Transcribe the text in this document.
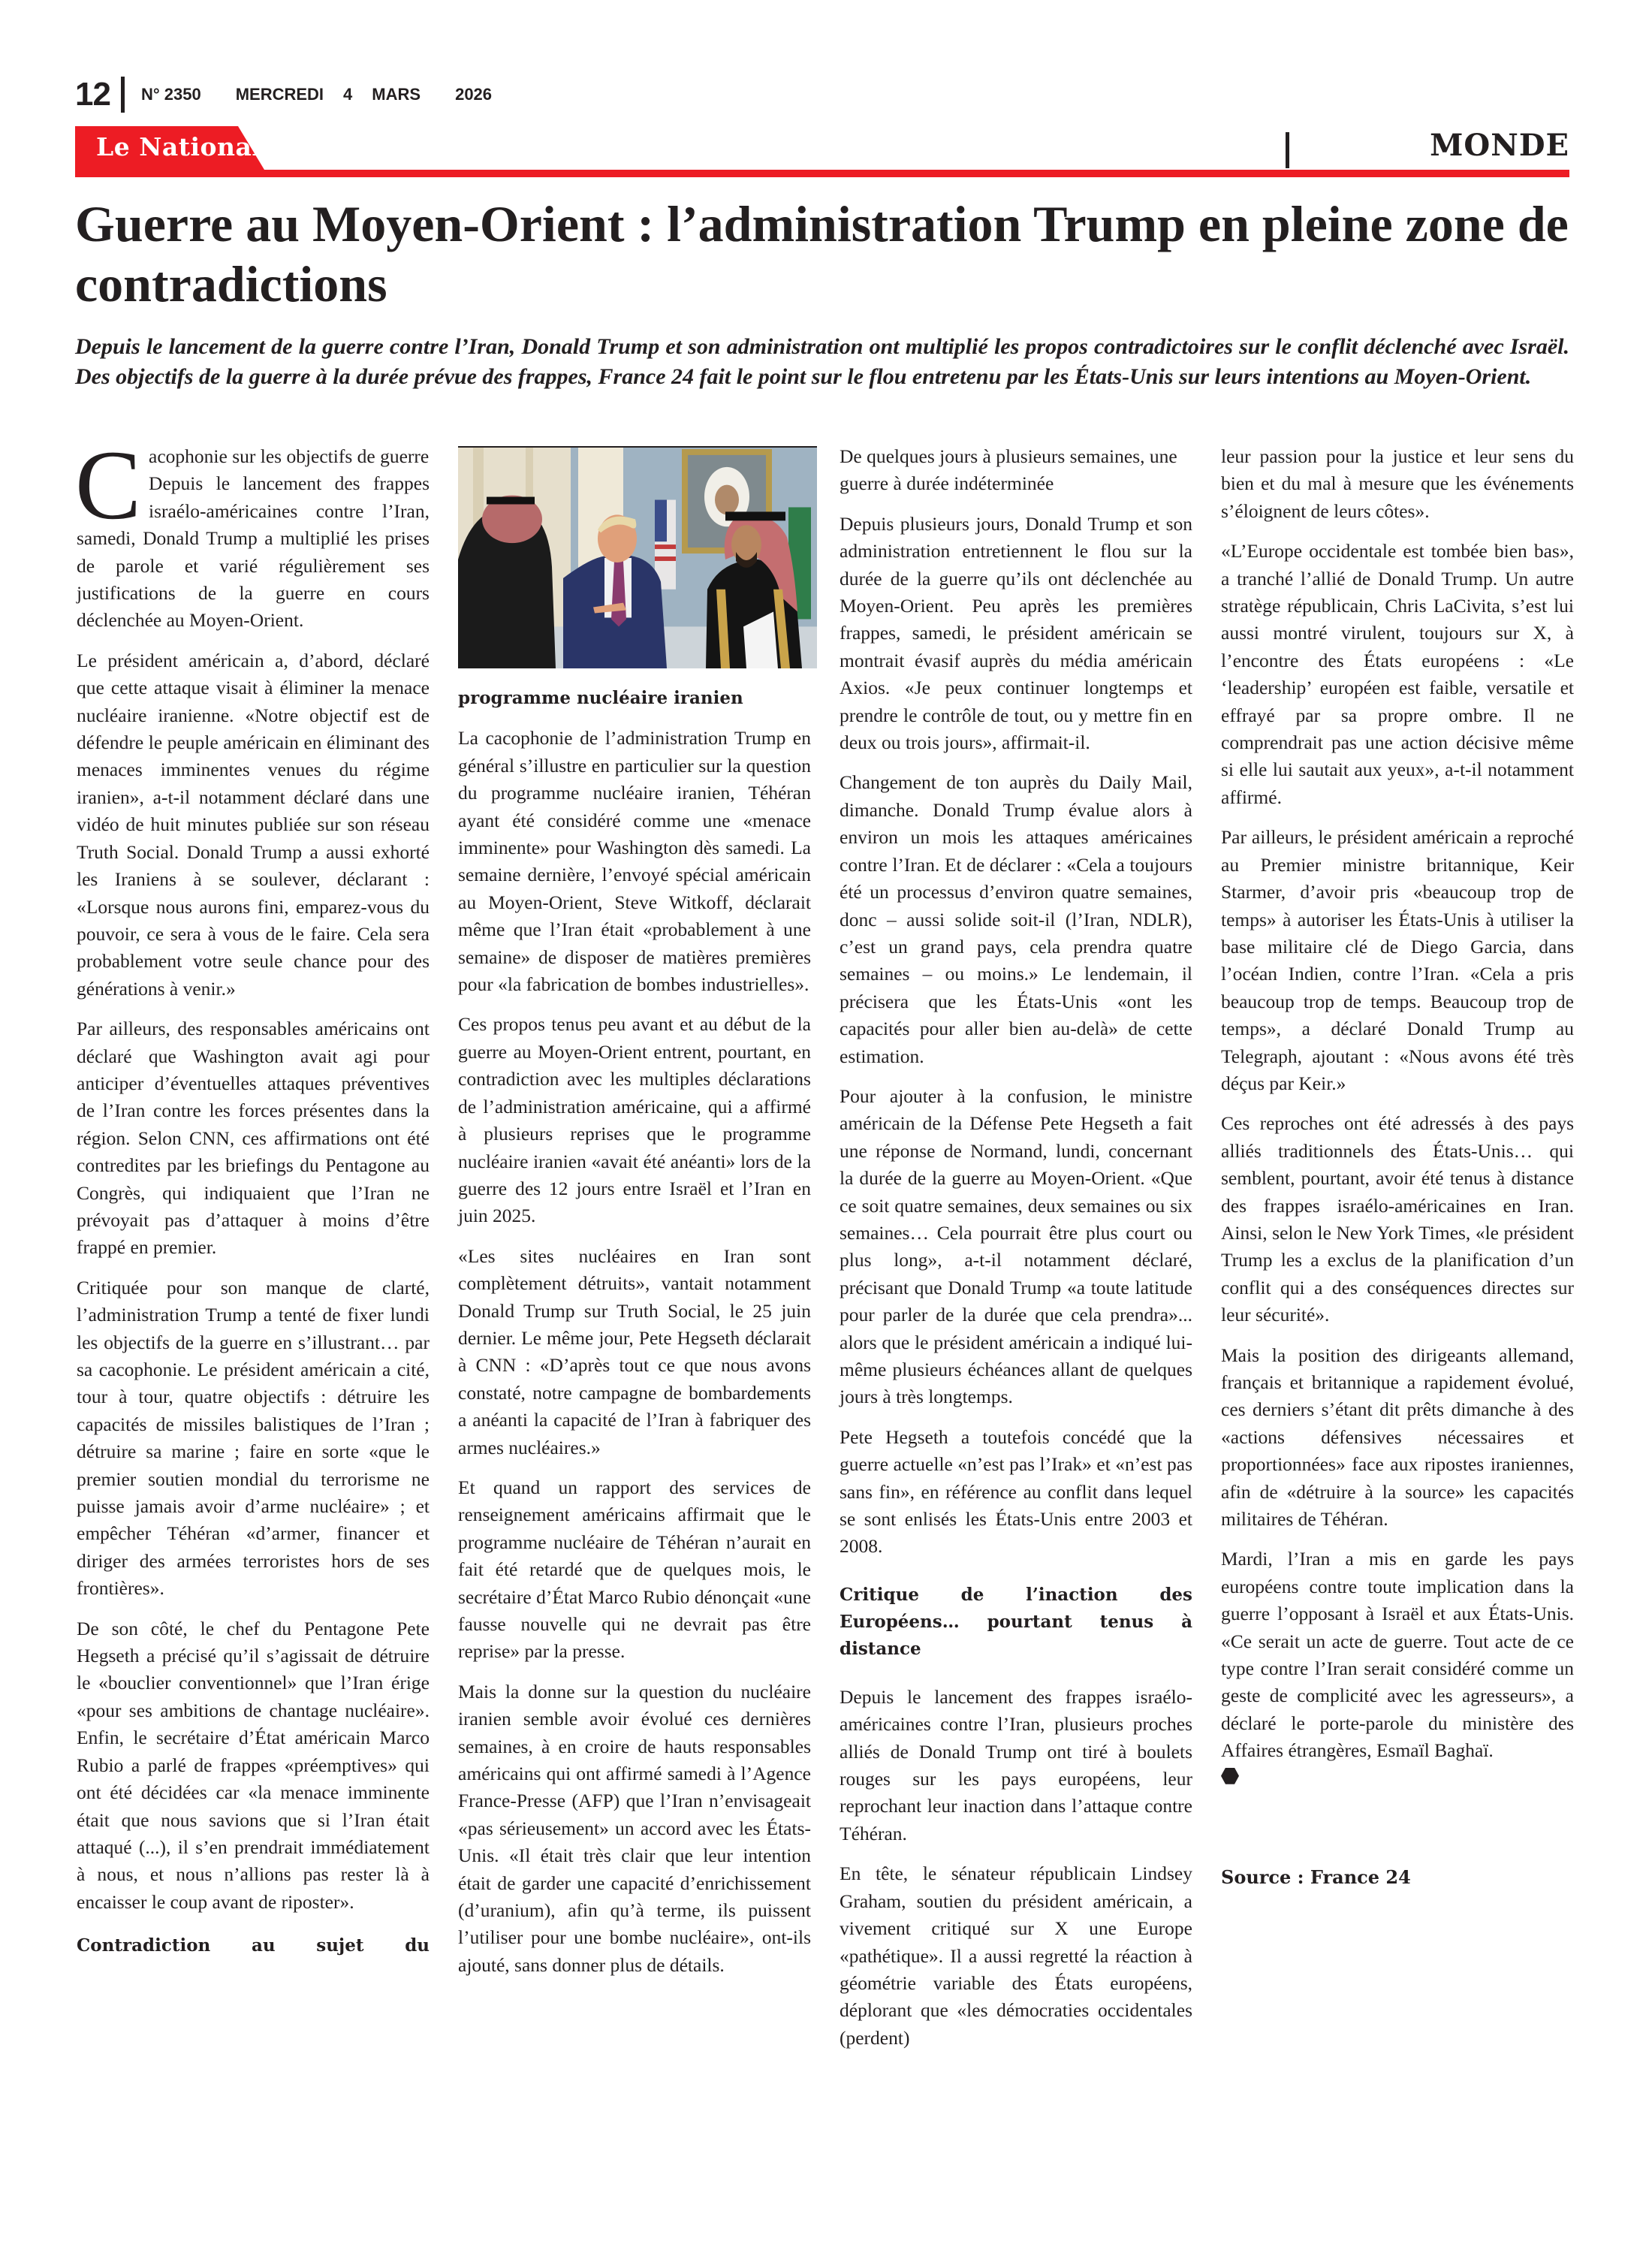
12 N° 2350 MERCREDI 4 MARS 2026
Le National	MONDE
Guerre au Moyen-Orient : l’administration Trump en pleine zone de contradictions

Depuis le lancement de la guerre contre l’Iran, Donald Trump et son administration ont multiplié les propos contradictoires sur le conflit déclenché avec Israël. Des objectifs de la guerre à la durée prévue des frappes, France 24 fait le point sur le flou entretenu par les États-Unis sur leurs intentions au Moyen-Orient.

C acophonie sur les objectifs de guerre

Depuis le lancement des frappes israélo-américaines contre l’Iran, samedi, Donald Trump a multiplié les prises de parole et varié régulièrement ses justifications de la guerre en cours déclenchée au Moyen-Orient.

Le président américain a, d’abord, déclaré que cette attaque visait à éliminer la menace nucléaire iranienne. «Notre objectif est de défendre le peuple américain en éliminant des menaces imminentes venues du régime iranien», a-t-il notamment déclaré dans une vidéo de huit minutes publiée sur son réseau Truth Social. Donald Trump a aussi exhorté les Iraniens à se soulever, déclarant : «Lorsque nous aurons fini, emparez-vous du pouvoir, ce sera à vous de le faire. Cela sera probablement votre seule chance pour des générations à venir.»

Par ailleurs, des responsables américains ont déclaré que Washington avait agi pour anticiper d’éventuelles attaques préventives de l’Iran contre les forces présentes dans la région. Selon CNN, ces affirmations ont été contredites par les briefings du Pentagone au Congrès, qui indiquaient que l’Iran ne prévoyait pas d’attaquer à moins d’être frappé en premier.

Critiquée pour son manque de clarté, l’administration Trump a tenté de fixer lundi les objectifs de la guerre en s’illustrant… par sa cacophonie. Le président américain a cité, tour à tour, quatre objectifs : détruire les capacités de missiles balistiques de l’Iran ; détruire sa marine ; faire en sorte «que le premier soutien mondial du terrorisme ne puisse jamais avoir d’arme nucléaire» ; et empêcher Téhéran «d’armer, financer et diriger des armées terroristes hors de ses frontières».

De son côté, le chef du Pentagone Pete Hegseth a précisé qu’il s’agissait de détruire le «bouclier conventionnel» que l’Iran érige «pour ses ambitions de chantage nucléaire». Enfin, le secrétaire d’État américain Marco Rubio a parlé de frappes «préemptives» qui ont été décidées car «la menace imminente était que nous savions que si l’Iran était attaqué (...), il s’en prendrait immédiatement à nous, et nous n’allions pas rester là à encaisser le coup avant de riposter».

Contradiction au sujet du

programme nucléaire iranien

La cacophonie de l’administration Trump en général s’illustre en particulier sur la question du programme nucléaire iranien, Téhéran ayant été considéré comme une «menace imminente» pour Washington dès samedi. La semaine dernière, l’envoyé spécial américain au Moyen-Orient, Steve Witkoff, déclarait même que l’Iran était «probablement à une semaine» de disposer de matières premières pour «la fabrication de bombes industrielles».

Ces propos tenus peu avant et au début de la guerre au Moyen-Orient entrent, pourtant, en contradiction avec les multiples déclarations de l’administration américaine, qui a affirmé à plusieurs reprises que le programme nucléaire iranien «avait été anéanti» lors de la guerre des 12 jours entre Israël et l’Iran en juin 2025.

«Les sites nucléaires en Iran sont complètement détruits», vantait notamment Donald Trump sur Truth Social, le 25 juin dernier. Le même jour, Pete Hegseth déclarait à CNN : «D’après tout ce que nous avons constaté, notre campagne de bombardements a anéanti la capacité de l’Iran à fabriquer des armes nucléaires.»

Et quand un rapport des services de renseignement américains affirmait que le programme nucléaire de Téhéran n’aurait en fait été retardé que de quelques mois, le secrétaire d’État Marco Rubio dénonçait «une fausse nouvelle qui ne devrait pas être reprise» par la presse.

Mais la donne sur la question du nucléaire iranien semble avoir évolué ces dernières semaines, à en croire de hauts responsables américains qui ont affirmé samedi à l’Agence France-Presse (AFP) que l’Iran n’envisageait «pas sérieusement» un accord avec les États-Unis. «Il était très clair que leur intention était de garder une capacité d’enrichissement (d’uranium), afin qu’à terme, ils puissent l’utiliser pour une bombe nucléaire», ont-ils ajouté, sans donner plus de détails.

De quelques jours à plusieurs semaines, une guerre à durée indéterminée

Depuis plusieurs jours, Donald Trump et son administration entretiennent le flou sur la durée de la guerre qu’ils ont déclenchée au Moyen-Orient. Peu après les premières frappes, samedi, le président américain se montrait évasif auprès du média américain Axios. «Je peux continuer longtemps et prendre le contrôle de tout, ou y mettre fin en deux ou trois jours», affirmait-il.

Changement de ton auprès du Daily Mail, dimanche. Donald Trump évalue alors à environ un mois les attaques américaines contre l’Iran. Et de déclarer : «Cela a toujours été un processus d’environ quatre semaines, donc – aussi solide soit-il (l’Iran, NDLR), c’est un grand pays, cela prendra quatre semaines – ou moins.» Le lendemain, il précisera que les États-Unis «ont les capacités pour aller bien au-delà» de cette estimation.

Pour ajouter à la confusion, le ministre américain de la Défense Pete Hegseth a fait une réponse de Normand, lundi, concernant la durée de la guerre au Moyen-Orient. «Que ce soit quatre semaines, deux semaines ou six semaines… Cela pourrait être plus court ou plus long», a-t-il notamment déclaré, précisant que Donald Trump «a toute latitude pour parler de la durée que cela prendra»... alors que le président américain a indiqué lui-même plusieurs échéances allant de quelques jours à très longtemps.

Pete Hegseth a toutefois concédé que la guerre actuelle «n’est pas l’Irak» et «n’est pas sans fin», en référence au conflit dans lequel se sont enlisés les États-Unis entre 2003 et 2008.

Critique de l’inaction des Européens… pourtant tenus à distance

Depuis le lancement des frappes israélo-américaines contre l’Iran, plusieurs proches alliés de Donald Trump ont tiré à boulets rouges sur les pays européens, leur reprochant leur inaction dans l’attaque contre Téhéran.

En tête, le sénateur républicain Lindsey Graham, soutien du président américain, a vivement critiqué sur X une Europe «pathétique». Il a aussi regretté la réaction à géométrie variable des États européens, déplorant que «les démocraties occidentales (perdent)

leur passion pour la justice et leur sens du bien et du mal à mesure que les événements s’éloignent de leurs côtes».

«L’Europe occidentale est tombée bien bas», a tranché l’allié de Donald Trump. Un autre stratège républicain, Chris LaCivita, s’est lui aussi montré virulent, toujours sur X, à l’encontre des États européens : «Le ‘leadership’ européen est faible, versatile et effrayé par sa propre ombre. Il ne comprendrait pas une action décisive même si elle lui sautait aux yeux», a-t-il notamment affirmé.

Par ailleurs, le président américain a reproché au Premier ministre britannique, Keir Starmer, d’avoir pris «beaucoup trop de temps» à autoriser les États-Unis à utiliser la base militaire clé de Diego Garcia, dans l’océan Indien, contre l’Iran. «Cela a pris beaucoup trop de temps. Beaucoup trop de temps», a déclaré Donald Trump au Telegraph, ajoutant : «Nous avons été très déçus par Keir.»

Ces reproches ont été adressés à des pays alliés traditionnels des États-Unis… qui semblent, pourtant, avoir été tenus à distance des frappes israélo-américaines en Iran. Ainsi, selon le New York Times, «le président Trump les a exclus de la planification d’un conflit qui a des conséquences directes sur leur sécurité».

Mais la position des dirigeants allemand, français et britannique a rapidement évolué, ces derniers s’étant dit prêts dimanche à des «actions défensives nécessaires et proportionnées» face aux ripostes iraniennes, afin de «détruire à la source» les capacités militaires de Téhéran.

Mardi, l’Iran a mis en garde les pays européens contre toute implication dans la guerre l’opposant à Israël et aux États-Unis. «Ce serait un acte de guerre. Tout acte de ce type contre l’Iran serait considéré comme un geste de complicité avec les agresseurs», a déclaré le porte-parole du ministère des Affaires étrangères, Esmaïl Baghaï.

Source : France 24
